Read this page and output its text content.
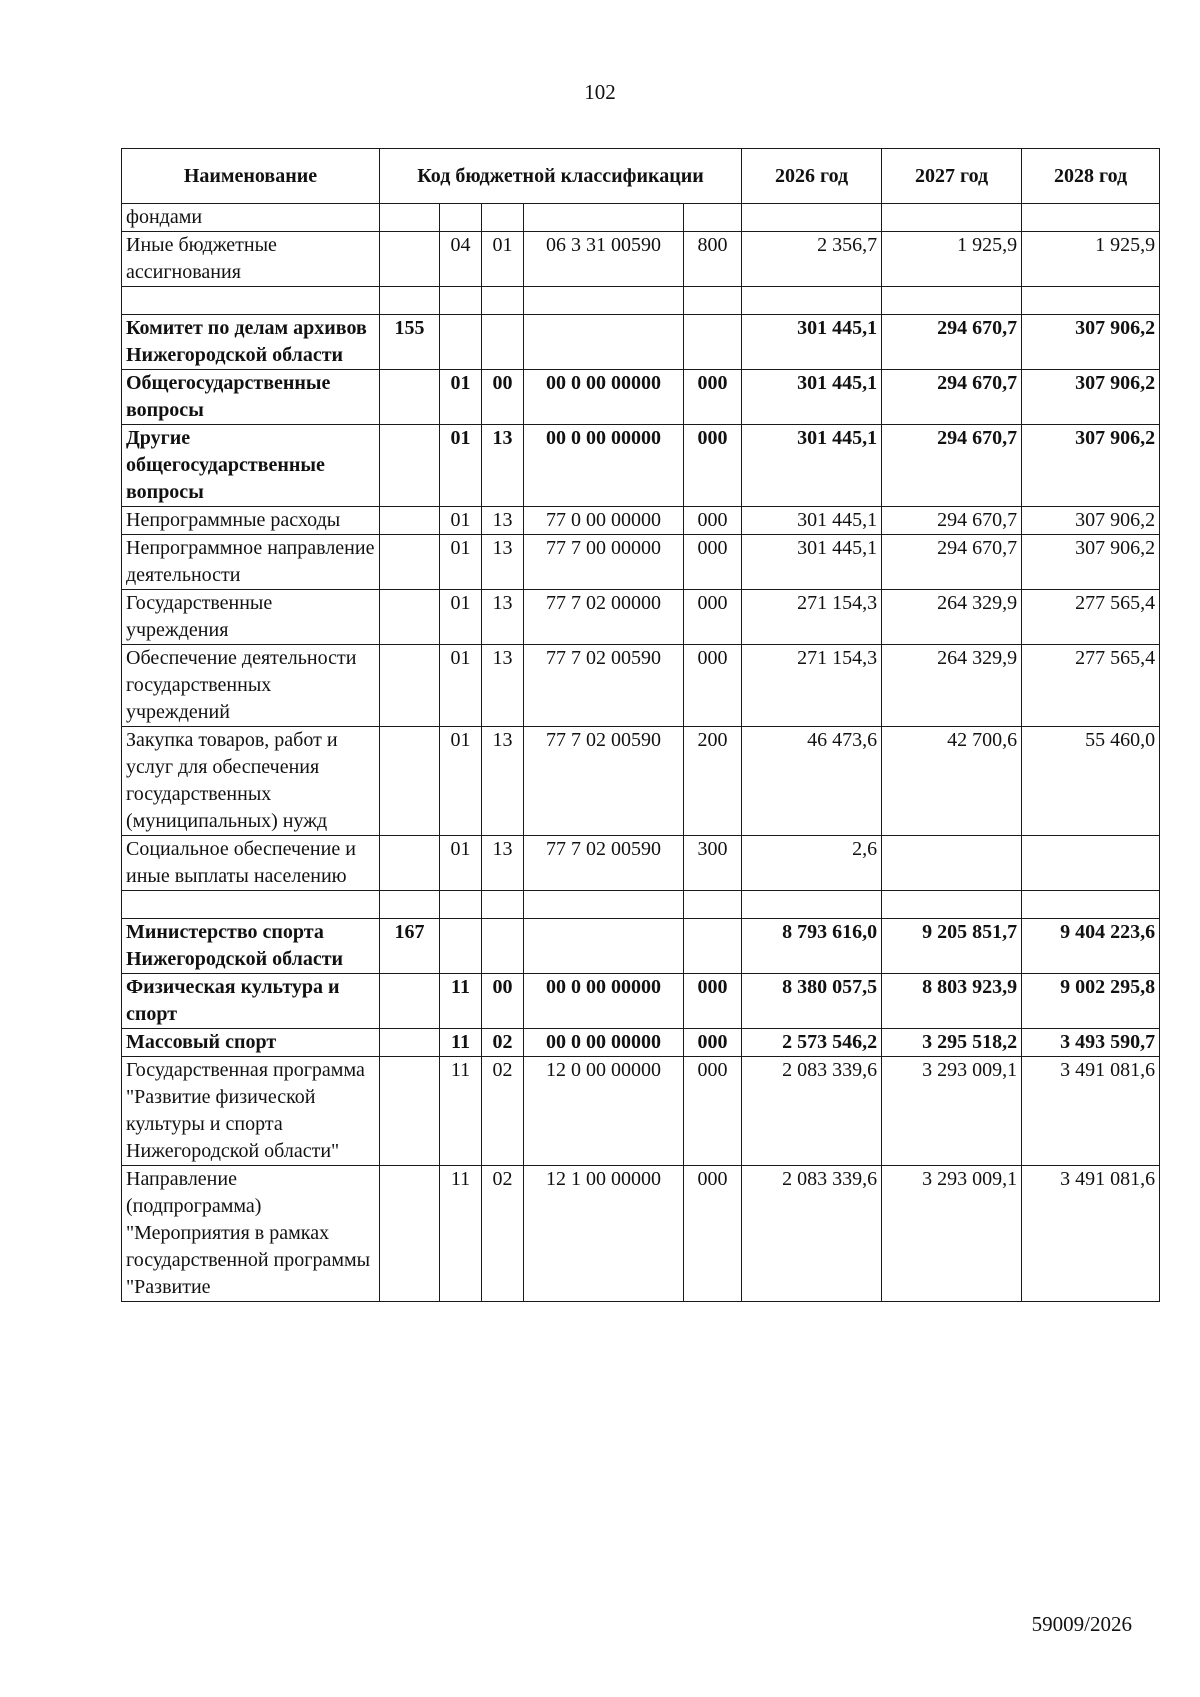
102
Наименование	Код бюджетной классификации					2026 год	2027 год	2028 год
фондами								
Иные бюджетные ассигнования		04	01	06 3 31 00590	800	2 356,7	1 925,9	1 925,9

Комитет по делам архивов Нижегородской области	155					301 445,1	294 670,7	307 906,2
Общегосударственные вопросы		01	00	00 0 00 00000	000	301 445,1	294 670,7	307 906,2
Другие общегосударственные вопросы		01	13	00 0 00 00000	000	301 445,1	294 670,7	307 906,2
Непрограммные расходы		01	13	77 0 00 00000	000	301 445,1	294 670,7	307 906,2
Непрограммное направление деятельности		01	13	77 7 00 00000	000	301 445,1	294 670,7	307 906,2
Государственные учреждения		01	13	77 7 02 00000	000	271 154,3	264 329,9	277 565,4
Обеспечение деятельности государственных учреждений		01	13	77 7 02 00590	000	271 154,3	264 329,9	277 565,4
Закупка товаров, работ и услуг для обеспечения государственных (муниципальных) нужд		01	13	77 7 02 00590	200	46 473,6	42 700,6	55 460,0
Социальное обеспечение и иные выплаты населению		01	13	77 7 02 00590	300	2,6		

Министерство спорта Нижегородской области	167					8 793 616,0	9 205 851,7	9 404 223,6
Физическая культура и спорт		11	00	00 0 00 00000	000	8 380 057,5	8 803 923,9	9 002 295,8
Массовый спорт		11	02	00 0 00 00000	000	2 573 546,2	3 295 518,2	3 493 590,7
Государственная программа "Развитие физической культуры и спорта Нижегородской области"		11	02	12 0 00 00000	000	2 083 339,6	3 293 009,1	3 491 081,6
Направление (подпрограмма) "Мероприятия в рамках государственной программы "Развитие		11	02	12 1 00 00000	000	2 083 339,6	3 293 009,1	3 491 081,6
59009/2026
